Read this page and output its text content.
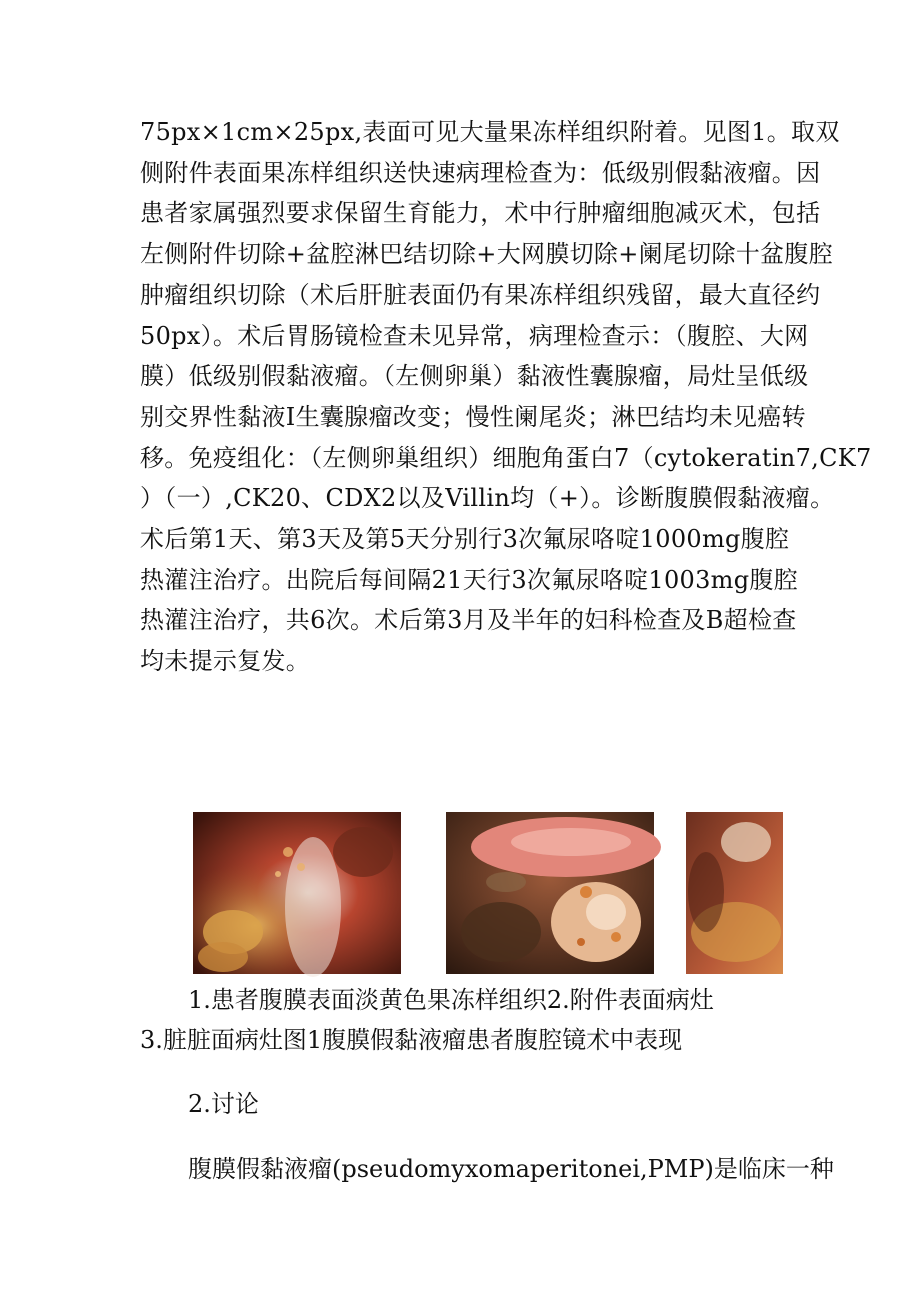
75px×1cm×25px,表面可见大量果冻样组织附着。见图1。取双
侧附件表面果冻样组织送快速病理检查为：低级别假黏液瘤。因
患者家属强烈要求保留生育能力，术中行肿瘤细胞减灭术，包括
左侧附件切除+盆腔淋巴结切除+大网膜切除+阑尾切除十盆腹腔
肿瘤组织切除（术后肝脏表面仍有果冻样组织残留，最大直径约
50px）。术后胃肠镜检查未见异常，病理检查示：（腹腔、大网
膜）低级别假黏液瘤。（左侧卵巢）黏液性囊腺瘤，局灶呈低级
别交界性黏液Ⅰ生囊腺瘤改变；慢性阑尾炎；淋巴结均未见癌转
移。免疫组化：（左侧卵巢组织）细胞角蛋白7（cytokeratin7,CK7
）（一）,CK20、CDX2以及Villin均（+）。诊断腹膜假黏液瘤。
术后第1天、第3天及第5天分别行3次氟尿咯啶1000mg腹腔
热灌注治疗。出院后每间隔21天行3次氟尿咯啶1003mg腹腔
热灌注治疗，共6次。术后第3月及半年的妇科检查及B超检查
均未提示复发。

1.患者腹膜表面淡黄色果冻样组织2.附件表面病灶

3.脏脏面病灶图1腹膜假黏液瘤患者腹腔镜术中表现

2.讨论

腹膜假黏液瘤(pseudomyxomaperitonei,PMP)是临床一种
